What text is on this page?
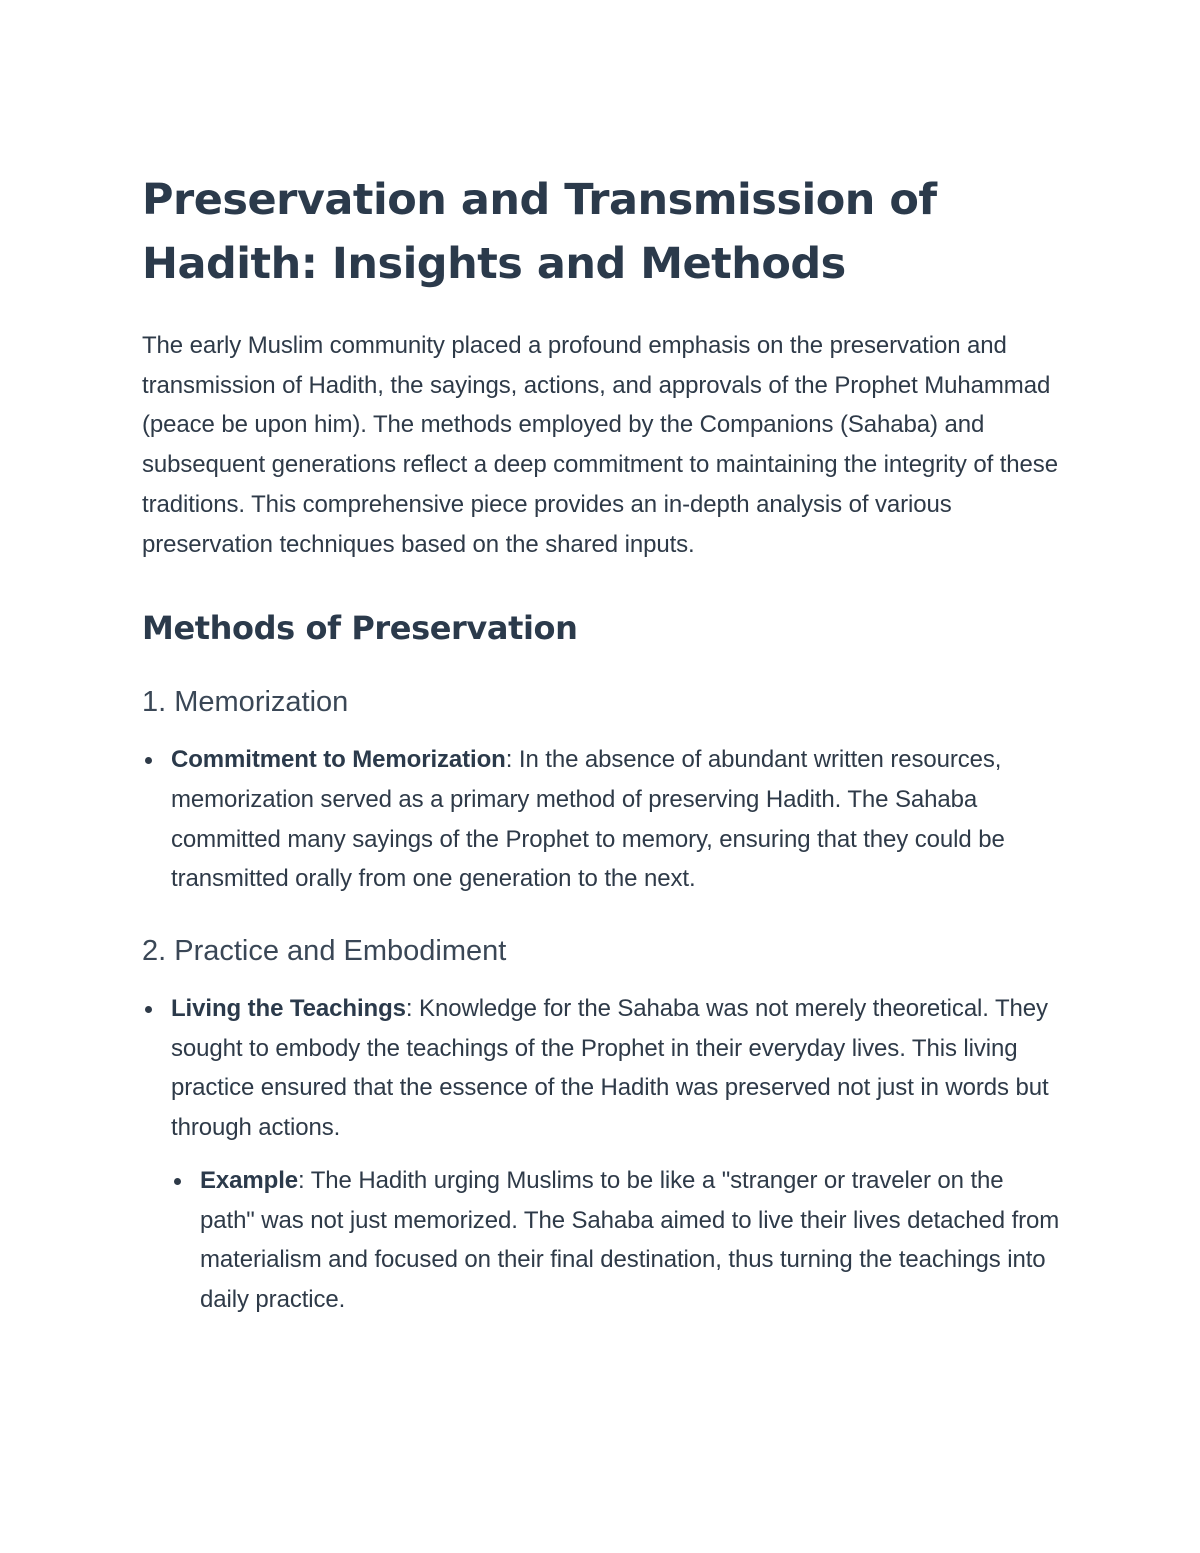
Preservation and Transmission of Hadith: Insights and Methods

The early Muslim community placed a profound emphasis on the preservation and transmission of Hadith, the sayings, actions, and approvals of the Prophet Muhammad (peace be upon him). The methods employed by the Companions (Sahaba) and subsequent generations reflect a deep commitment to maintaining the integrity of these traditions. This comprehensive piece provides an in-depth analysis of various preservation techniques based on the shared inputs.

Methods of Preservation
1. Memorization
Commitment to Memorization: In the absence of abundant written resources, memorization served as a primary method of preserving Hadith. The Sahaba committed many sayings of the Prophet to memory, ensuring that they could be transmitted orally from one generation to the next.
2. Practice and Embodiment
Living the Teachings: Knowledge for the Sahaba was not merely theoretical. They sought to embody the teachings of the Prophet in their everyday lives. This living practice ensured that the essence of the Hadith was preserved not just in words but through actions.
Example: The Hadith urging Muslims to be like a "stranger or traveler on the path" was not just memorized. The Sahaba aimed to live their lives detached from materialism and focused on their final destination, thus turning the teachings into daily practice.
